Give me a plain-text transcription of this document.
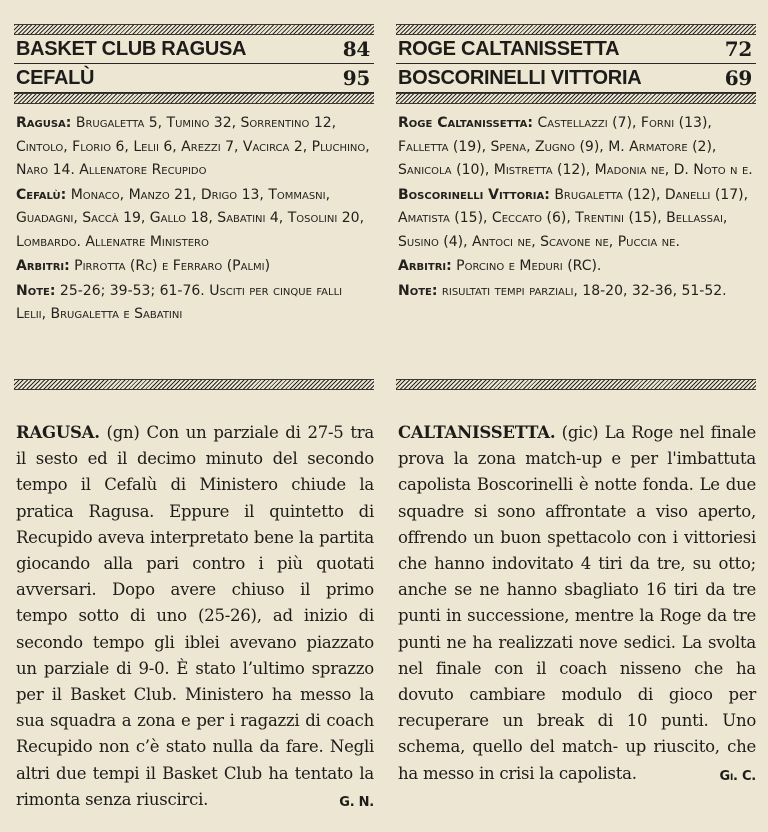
BASKET CLUB RAGUSA	84
CEFALÙ	95
Ragusa: Brugaletta 5, Tumino 32, Sorrentino 12, Cintolo, Florio 6, Lelii 6, Arezzi 7, Vacirca 2, Pluchino, Naro 14. Allenatore Recupido
Cefalù: Monaco, Manzo 21, Drigo 13, Tommasni, Guadagni, Saccà 19, Gallo 18, Sabatini 4, Tosolini 20, Lombardo. Allenatre Ministero
Arbitri: Pirrotta (Rc) e Ferraro (Palmi)
Note: 25-26; 39-53; 61-76. Usciti per cinque falli Lelii, Brugaletta e Sabatini
RAGUSA. (gn) Con un parziale di 27-5 tra il sesto ed il decimo minuto del secondo tempo il Cefalù di Ministero chiude la pratica Ragusa. Eppure il quintetto di Recupido aveva interpretato bene la partita giocando alla pari contro i più quotati avversari. Dopo avere chiuso il primo tempo sotto di uno (25-26), ad inizio di secondo tempo gli iblei avevano piazzato un parziale di 9-0. È stato l’ultimo sprazzo per il Basket Club. Ministero ha messo la sua squadra a zona e per i ragazzi di coach Recupido non c’è stato nulla da fare. Negli altri due tempi il Basket Club ha tentato la rimonta senza riuscirci.	G. N.
ROGE CALTANISSETTA	72
BOSCORINELLI VITTORIA	69
Roge Caltanissetta: Castellazzi (7), Forni (13), Falletta (19), Spena, Zugno (9), M. Armatore (2), Sanicola (10), Mistretta (12), Madonia ne, D. Noto n e.
Boscorinelli Vittoria: Brugaletta (12), Danelli (17), Amatista (15), Ceccato (6), Trentini (15), Bellassai, Susino (4), Antoci ne, Scavone ne, Puccia ne.
Arbitri: Porcino e Meduri (RC).
Note: risultati tempi parziali, 18-20, 32-36, 51-52.
CALTANISSETTA. (gic) La Roge nel finale prova la zona match-up e per l'imbattuta capolista Boscorinelli è notte fonda. Le due squadre si sono affrontate a viso aperto, offrendo un buon spettacolo con i vittoriesi che hanno indovitato 4 tiri da tre, su otto; anche se ne hanno sbagliato 16 tiri da tre punti in successione, mentre la Roge da tre punti ne ha realizzati nove sedici. La svolta nel finale con il coach nisseno che ha dovuto cambiare modulo di gioco per recuperare un break di 10 punti. Uno schema, quello del match- up riuscito, che ha messo in crisi la capolista.	Gi. C.
